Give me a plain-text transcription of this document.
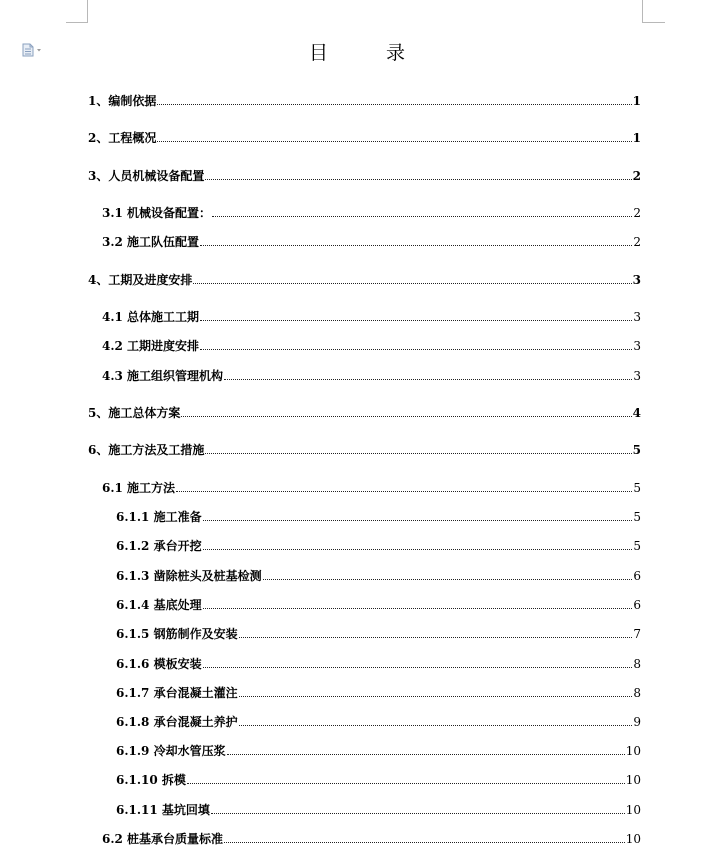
目 录
1、编制依据	1
2、工程概况	1
3、人员机械设备配置	2
3.1 机械设备配置：	2
3.2 施工队伍配置	2
4、工期及进度安排	3
4.1 总体施工工期	3
4.2 工期进度安排	3
4.3 施工组织管理机构	3
5、施工总体方案	4
6、施工方法及工措施	5
6.1 施工方法	5
6.1.1 施工准备	5
6.1.2 承台开挖	5
6.1.3 凿除桩头及桩基检测	6
6.1.4 基底处理	6
6.1.5 钢筋制作及安装	7
6.1.6 模板安装	8
6.1.7 承台混凝土灌注	8
6.1.8 承台混凝土养护	9
6.1.9 冷却水管压浆	10
6.1.10 拆模	10
6.1.11 基坑回填	10
6.2 桩基承台质量标准	10
